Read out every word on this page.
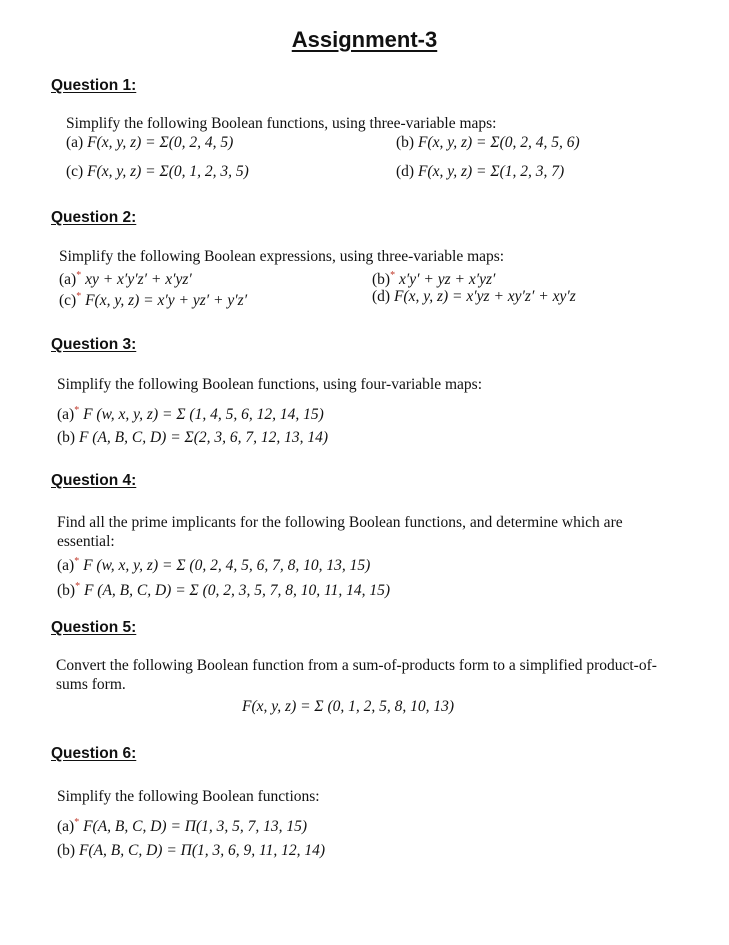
Assignment-3
Question 1:
Simplify the following Boolean functions, using three-variable maps:
(a) F(x, y, z) = Σ(0, 2, 4, 5)	(b) F(x, y, z) = Σ(0, 2, 4, 5, 6)
(c) F(x, y, z) = Σ(0, 1, 2, 3, 5)	(d) F(x, y, z) = Σ(1, 2, 3, 7)
Question 2:
Simplify the following Boolean expressions, using three-variable maps:
(a)* xy + x′y′z′ + x′yz′	(b)* x′y′ + yz + x′yz′
(c)* F(x, y, z) = x′y + yz′ + y′z′	(d) F(x, y, z) = x′yz + xy′z′ + xy′z
Question 3:
Simplify the following Boolean functions, using four-variable maps:
(a)* F (w, x, y, z) = Σ (1, 4, 5, 6, 12, 14, 15)
(b) F (A, B, C, D) = Σ(2, 3, 6, 7, 12, 13, 14)
Question 4:
Find all the prime implicants for the following Boolean functions, and determine which are essential:
(a)* F (w, x, y, z) = Σ (0, 2, 4, 5, 6, 7, 8, 10, 13, 15)
(b)* F (A, B, C, D) = Σ (0, 2, 3, 5, 7, 8, 10, 11, 14, 15)
Question 5:
Convert the following Boolean function from a sum-of-products form to a simplified product-of-sums form.
F(x, y, z) = Σ (0, 1, 2, 5, 8, 10, 13)
Question 6:
Simplify the following Boolean functions:
(a)* F(A, B, C, D) = Π(1, 3, 5, 7, 13, 15)
(b) F(A, B, C, D) = Π(1, 3, 6, 9, 11, 12, 14)
